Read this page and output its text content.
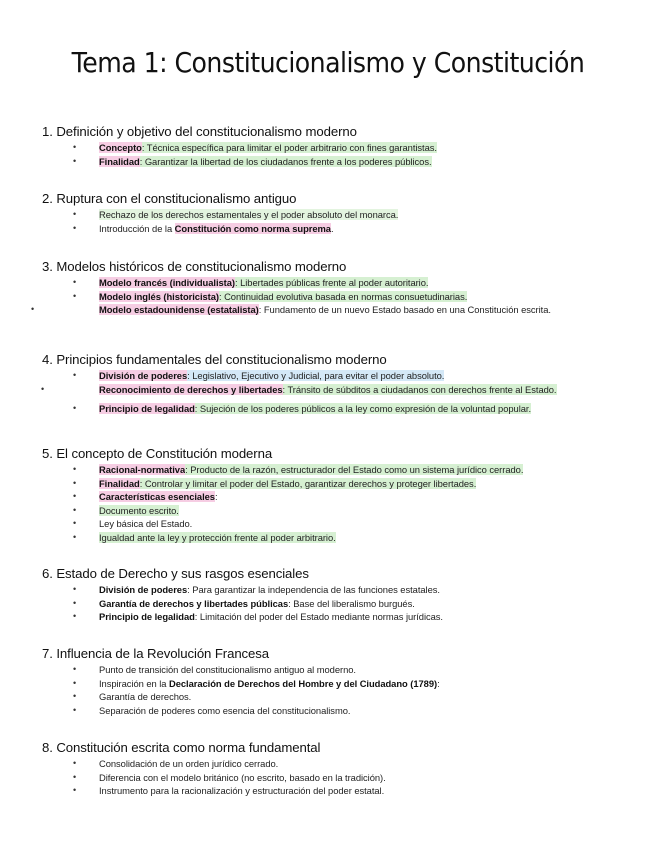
Tema 1: Constitucionalismo y Constitución
1. Definición y objetivo del constitucionalismo moderno
• Concepto: Técnica específica para limitar el poder arbitrario con fines garantistas.
• Finalidad: Garantizar la libertad de los ciudadanos frente a los poderes públicos.
2. Ruptura con el constitucionalismo antiguo
• Rechazo de los derechos estamentales y el poder absoluto del monarca.
• Introducción de la Constitución como norma suprema.
3. Modelos históricos de constitucionalismo moderno
• Modelo francés (individualista): Libertades públicas frente al poder autoritario.
• Modelo inglés (historicista): Continuidad evolutiva basada en normas consuetudinarias.
• Modelo estadounidense (estatalista): Fundamento de un nuevo Estado basado en una Constitución escrita.
4. Principios fundamentales del constitucionalismo moderno
• División de poderes: Legislativo, Ejecutivo y Judicial, para evitar el poder absoluto.
• Reconocimiento de derechos y libertades: Tránsito de súbditos a ciudadanos con derechos frente al Estado.
• Principio de legalidad: Sujeción de los poderes públicos a la ley como expresión de la voluntad popular.
5. El concepto de Constitución moderna
• Racional-normativa: Producto de la razón, estructurador del Estado como un sistema jurídico cerrado.
• Finalidad: Controlar y limitar el poder del Estado, garantizar derechos y proteger libertades.
• Características esenciales:
• Documento escrito.
• Ley básica del Estado.
• Igualdad ante la ley y protección frente al poder arbitrario.
6. Estado de Derecho y sus rasgos esenciales
• División de poderes: Para garantizar la independencia de las funciones estatales.
• Garantía de derechos y libertades públicas: Base del liberalismo burgués.
• Principio de legalidad: Limitación del poder del Estado mediante normas jurídicas.
7. Influencia de la Revolución Francesa
• Punto de transición del constitucionalismo antiguo al moderno.
• Inspiración en la Declaración de Derechos del Hombre y del Ciudadano (1789):
• Garantía de derechos.
• Separación de poderes como esencia del constitucionalismo.
8. Constitución escrita como norma fundamental
• Consolidación de un orden jurídico cerrado.
• Diferencia con el modelo británico (no escrito, basado en la tradición).
• Instrumento para la racionalización y estructuración del poder estatal.
